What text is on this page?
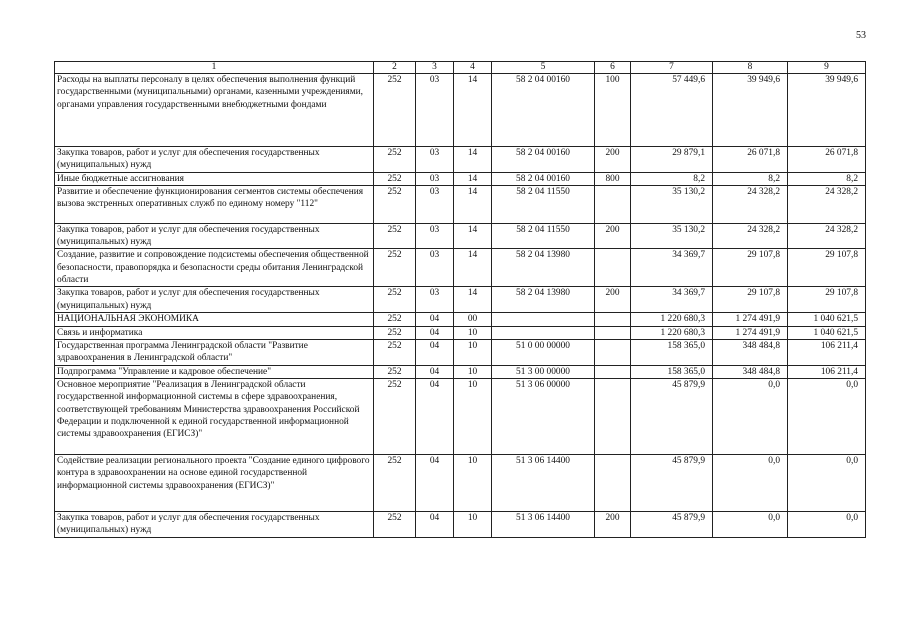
53
1	2	3	4	5	6	7	8	9
Расходы на выплаты персоналу в целях обеспечения выполнения функций государственными (муниципальными) органами, казенными учреждениями, органами управления государственными внебюджетными фондами	252	03	14	58 2 04 00160	100	57 449,6	39 949,6	39 949,6
Закупка товаров, работ и услуг для обеспечения государственных (муниципальных) нужд	252	03	14	58 2 04 00160	200	29 879,1	26 071,8	26 071,8
Иные бюджетные ассигнования	252	03	14	58 2 04 00160	800	8,2	8,2	8,2
Развитие и обеспечение функционирования сегментов системы обеспечения вызова экстренных оперативных служб по единому номеру "112"	252	03	14	58 2 04 11550		35 130,2	24 328,2	24 328,2
Закупка товаров, работ и услуг для обеспечения государственных (муниципальных) нужд	252	03	14	58 2 04 11550	200	35 130,2	24 328,2	24 328,2
Создание, развитие и сопровождение подсистемы обеспечения общественной безопасности, правопорядка и безопасности среды обитания Ленинградской области	252	03	14	58 2 04 13980		34 369,7	29 107,8	29 107,8
Закупка товаров, работ и услуг для обеспечения государственных (муниципальных) нужд	252	03	14	58 2 04 13980	200	34 369,7	29 107,8	29 107,8
НАЦИОНАЛЬНАЯ ЭКОНОМИКА	252	04	00			1 220 680,3	1 274 491,9	1 040 621,5
Связь и информатика	252	04	10			1 220 680,3	1 274 491,9	1 040 621,5
Государственная программа Ленинградской области "Развитие здравоохранения в Ленинградской области"	252	04	10	51 0 00 00000		158 365,0	348 484,8	106 211,4
Подпрограмма "Управление и кадровое обеспечение"	252	04	10	51 3 00 00000		158 365,0	348 484,8	106 211,4
Основное мероприятие "Реализация в Ленинградской области государственной информационной системы в сфере здравоохранения, соответствующей требованиям Министерства здравоохранения Российской Федерации и подключенной к единой государственной информационной системы здравоохранения (ЕГИСЗ)"	252	04	10	51 3 06 00000		45 879,9	0,0	0,0
Содействие реализации регионального проекта "Создание единого цифрового контура в здравоохранении на основе единой государственной информационной системы здравоохранения (ЕГИСЗ)"	252	04	10	51 3 06 14400		45 879,9	0,0	0,0
Закупка товаров, работ и услуг для обеспечения государственных (муниципальных) нужд	252	04	10	51 3 06 14400	200	45 879,9	0,0	0,0
